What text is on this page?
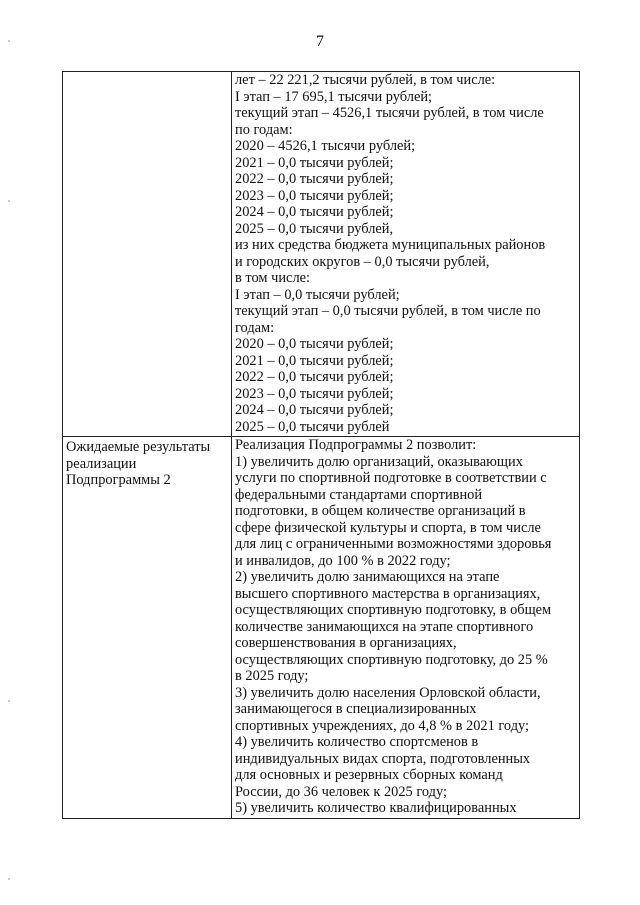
7
лет – 22 221,2 тысячи рублей, в том числе:
I этап – 17 695,1 тысячи рублей;
текущий этап – 4526,1 тысячи рублей, в том числе
по годам:
2020 – 4526,1 тысячи рублей;
2021 – 0,0 тысячи рублей;
2022 – 0,0 тысячи рублей;
2023 – 0,0 тысячи рублей;
2024 – 0,0 тысячи рублей;
2025 – 0,0 тысячи рублей,
из них средства бюджета муниципальных районов
и городских округов – 0,0 тысячи рублей,
в том числе:
I этап – 0,0 тысячи рублей;
текущий этап – 0,0 тысячи рублей, в том числе по
годам:
2020 – 0,0 тысячи рублей;
2021 – 0,0 тысячи рублей;
2022 – 0,0 тысячи рублей;
2023 – 0,0 тысячи рублей;
2024 – 0,0 тысячи рублей;
2025 – 0,0 тысячи рублей
Ожидаемые результаты
реализации
Подпрограммы 2
Реализация Подпрограммы 2 позволит:
1) увеличить долю организаций, оказывающих
услуги по спортивной подготовке в соответствии с
федеральными стандартами спортивной
подготовки, в общем количестве организаций в
сфере физической культуры и спорта, в том числе
для лиц с ограниченными возможностями здоровья
и инвалидов, до 100 % в 2022 году;
2) увеличить долю занимающихся на этапе
высшего спортивного мастерства в организациях,
осуществляющих спортивную подготовку, в общем
количестве занимающихся на этапе спортивного
совершенствования в организациях,
осуществляющих спортивную подготовку, до 25 %
в 2025 году;
3) увеличить долю населения Орловской области,
занимающегося в специализированных
спортивных учреждениях, до 4,8 % в 2021 году;
4) увеличить количество спортсменов в
индивидуальных видах спорта, подготовленных
для основных и резервных сборных команд
России, до 36 человек к 2025 году;
5) увеличить количество квалифицированных
